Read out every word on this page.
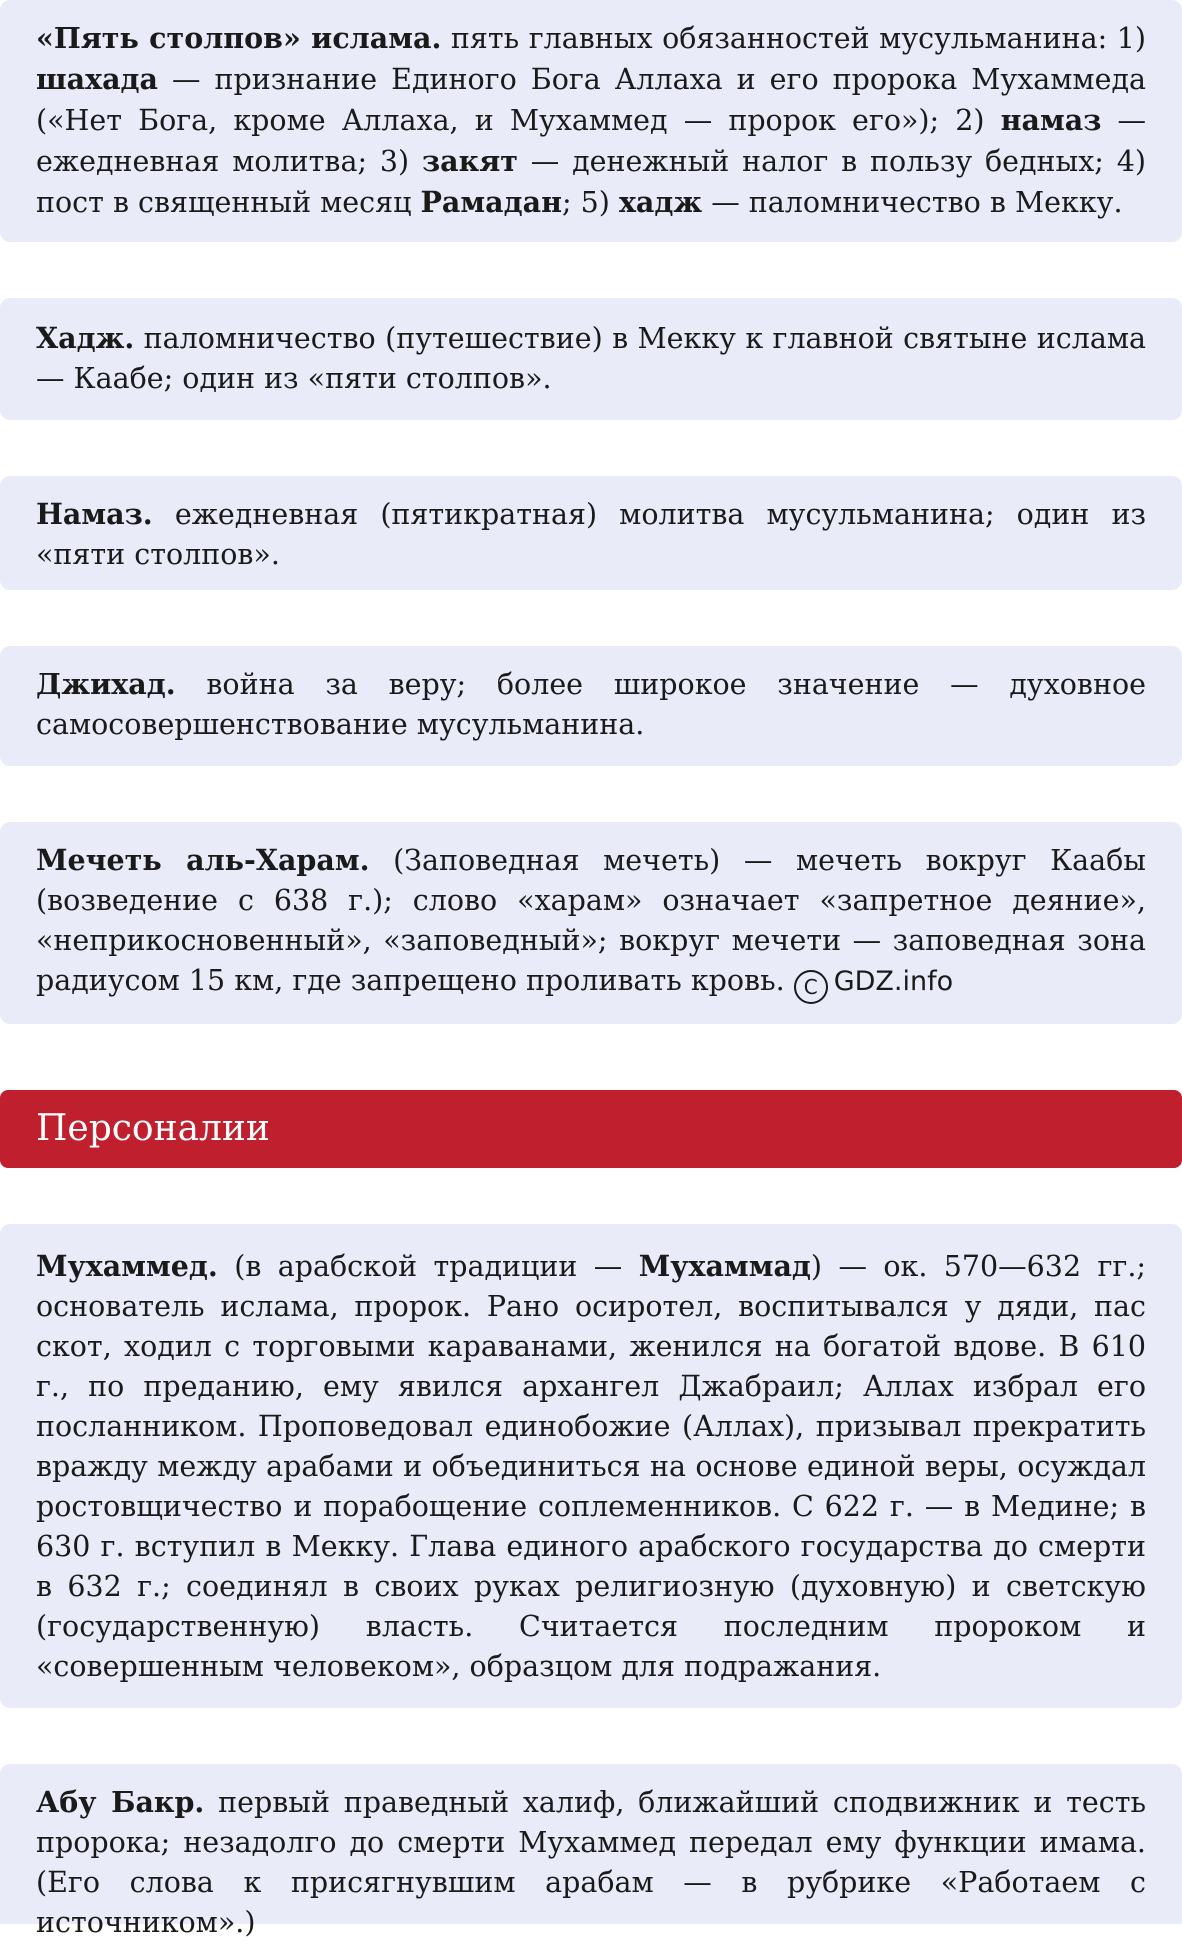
«Пять столпов» ислама. пять главных обязанностей мусульманина: 1) шахада — признание Единого Бога Аллаха и его пророка Мухаммеда («Нет Бога, кроме Аллаха, и Мухаммед — пророк его»); 2) намаз — ежедневная молитва; 3) закят — денежный налог в пользу бедных; 4) пост в священный месяц Рамадан; 5) хадж — паломничество в Мекку.

Хадж. паломничество (путешествие) в Мекку к главной святыне ислама — Каабе; один из «пяти столпов».

Намаз. ежедневная (пятикратная) молитва мусульманина; один из «пяти столпов».

Джихад. война за веру; более широкое значение — духовное самосовершенствование мусульманина.

Мечеть аль-Харам. (Заповедная мечеть) — мечеть вокруг Каабы (возведение с 638 г.); слово «харам» означает «запретное деяние», «неприкосновенный», «заповедный»; вокруг мечети — заповедная зона радиусом 15 км, где запрещено проливать кровь. C GDZ.info

Персоналии

Мухаммед. (в арабской традиции — Мухаммад) — ок. 570—632 гг.; основатель ислама, пророк. Рано осиротел, воспитывался у дяди, пас скот, ходил с торговыми караванами, женился на богатой вдове. В 610 г., по преданию, ему явился архангел Джабраил; Аллах избрал его посланником. Проповедовал единобожие (Аллах), призывал прекратить вражду между арабами и объединиться на основе единой веры, осуждал ростовщичество и порабощение соплеменников. С 622 г. — в Медине; в 630 г. вступил в Мекку. Глава единого арабского государства до смерти в 632 г.; соединял в своих руках религиозную (духовную) и светскую (государственную) власть. Считается последним пророком и «совершенным человеком», образцом для подражания.

Абу Бакр. первый праведный халиф, ближайший сподвижник и тесть пророка; незадолго до смерти Мухаммед передал ему функции имама. (Его слова к присягнувшим арабам — в рубрике «Работаем с источником».)
